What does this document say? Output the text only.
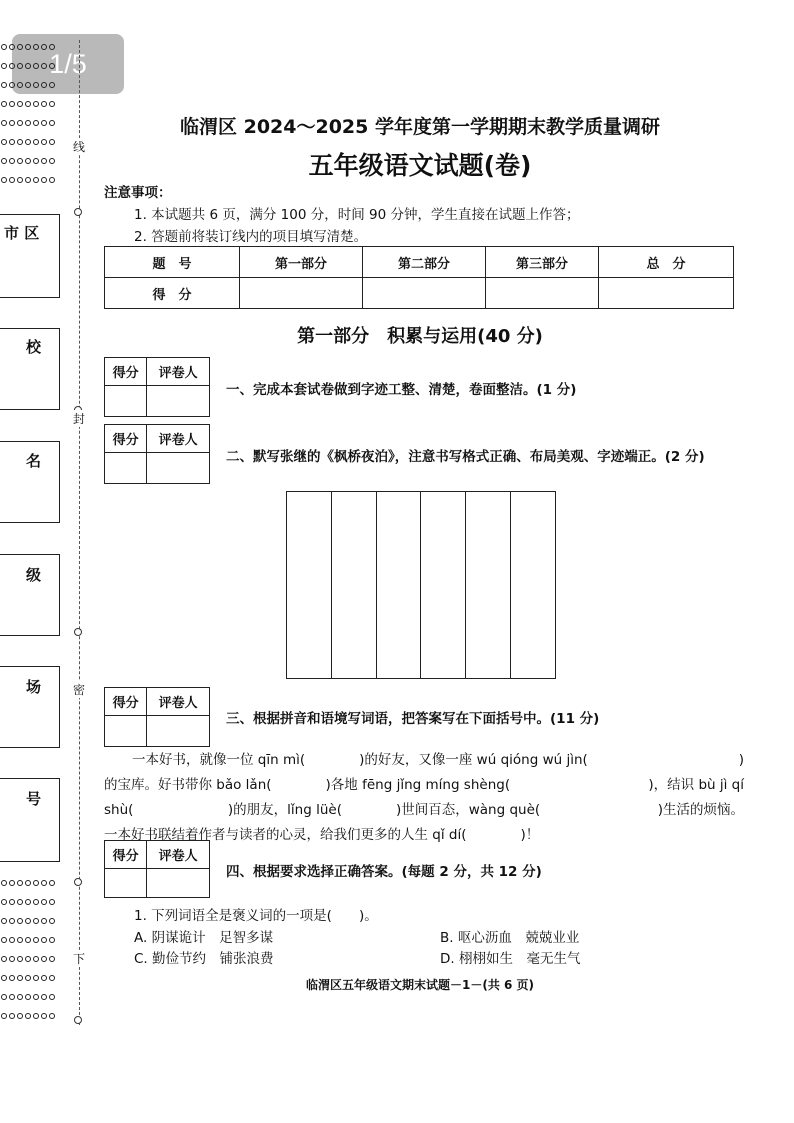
1/5
线
封
密
下
市 区
校
名
级
场
号
临渭区 2024～2025 学年度第一学期期末教学质量调研
五年级语文试题(卷)
注意事项：
1. 本试题共 6 页，满分 100 分，时间 90 分钟，学生直接在试题上作答；
2. 答题前将装订线内的项目填写清楚。
题　号	第一部分	第二部分	第三部分	总　分
得　分				
第一部分　积累与运用(40 分)
得分	评卷人

一、完成本套试卷做到字迹工整、清楚，卷面整洁。(1 分)
得分	评卷人

二、默写张继的《枫桥夜泊》，注意书写格式正确、布局美观、字迹端正。(2 分)
得分	评卷人

三、根据拼音和语境写词语，把答案写在下面括号中。(11 分)
一本好书，就像一位 qīn mì(　　　　)的好友，又像一座 wú qióng wú jìn(	)
的宝库。好书带你 bǎo lǎn(　　　　)各地 fēng jǐng míng shèng(	)，结识 bù jì qí
shù(　　　　　　　)的朋友，lǐng lüè(　　　　)世间百态，wàng què(	)生活的烦恼。
一本好书联结着作者与读者的心灵，给我们更多的人生 qǐ dí(　　　　)！
得分	评卷人

四、根据要求选择正确答案。(每题 2 分，共 12 分)
1. 下列词语全是褒义词的一项是(　　)。
A. 阴谋诡计　足智多谋	B. 呕心沥血　兢兢业业
C. 勤俭节约　铺张浪费	D. 栩栩如生　毫无生气
临渭区五年级语文期末试题－1－(共 6 页)
